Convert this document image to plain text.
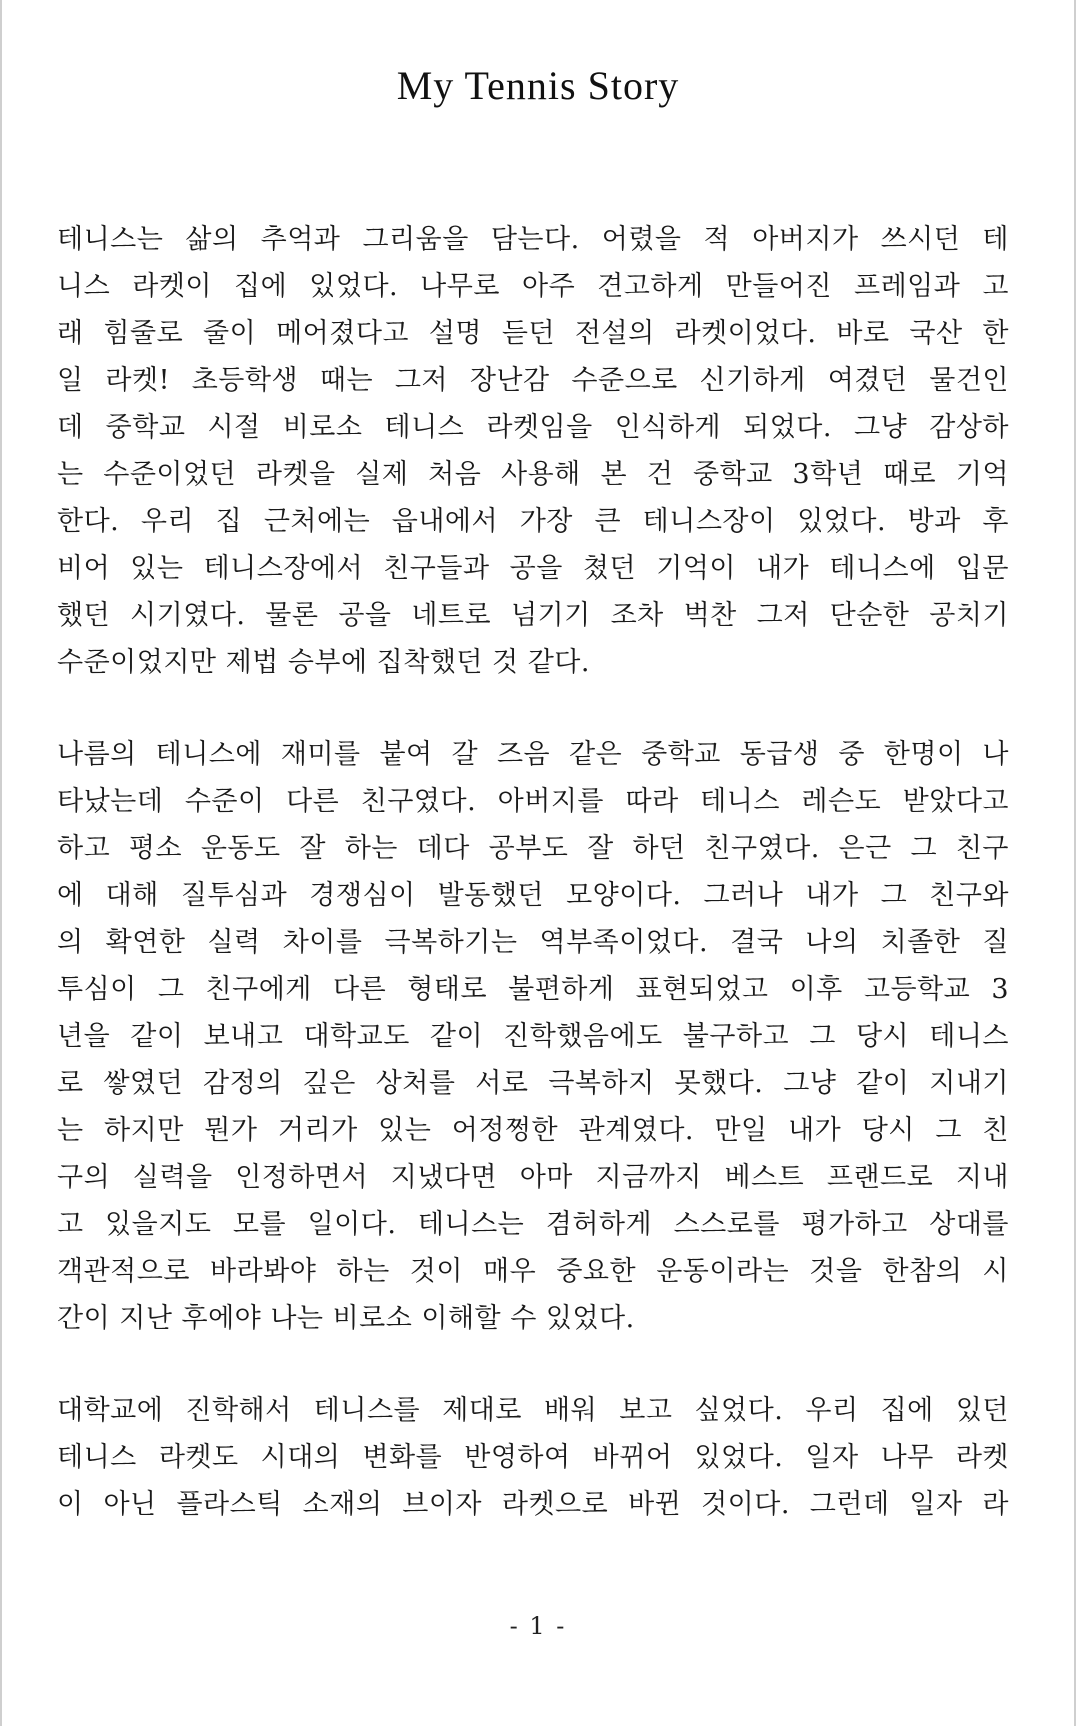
My Tennis Story
테니스는 삶의 추억과 그리움을 담는다. 어렸을 적 아버지가 쓰시던 테
니스 라켓이 집에 있었다. 나무로 아주 견고하게 만들어진 프레임과 고
래 힘줄로 줄이 메어졌다고 설명 듣던 전설의 라켓이었다. 바로 국산 한
일 라켓! 초등학생 때는 그저 장난감 수준으로 신기하게 여겼던 물건인
데 중학교 시절 비로소 테니스 라켓임을 인식하게 되었다. 그냥 감상하
는 수준이었던 라켓을 실제 처음 사용해 본 건 중학교 3학년 때로 기억
한다. 우리 집 근처에는 읍내에서 가장 큰 테니스장이 있었다. 방과 후
비어 있는 테니스장에서 친구들과 공을 쳤던 기억이 내가 테니스에 입문
했던 시기였다. 물론 공을 네트로 넘기기 조차 벅찬 그저 단순한 공치기
수준이었지만 제법 승부에 집착했던 것 같다.
나름의 테니스에 재미를 붙여 갈 즈음 같은 중학교 동급생 중 한명이 나
타났는데 수준이 다른 친구였다. 아버지를 따라 테니스 레슨도 받았다고
하고 평소 운동도 잘 하는 데다 공부도 잘 하던 친구였다. 은근 그 친구
에 대해 질투심과 경쟁심이 발동했던 모양이다. 그러나 내가 그 친구와
의 확연한 실력 차이를 극복하기는 역부족이었다. 결국 나의 치졸한 질
투심이 그 친구에게 다른 형태로 불편하게 표현되었고 이후 고등학교 3
년을 같이 보내고 대학교도 같이 진학했음에도 불구하고 그 당시 테니스
로 쌓였던 감정의 깊은 상처를 서로 극복하지 못했다. 그냥 같이 지내기
는 하지만 뭔가 거리가 있는 어정쩡한 관계였다. 만일 내가 당시 그 친
구의 실력을 인정하면서 지냈다면 아마 지금까지 베스트 프랜드로 지내
고 있을지도 모를 일이다. 테니스는 겸허하게 스스로를 평가하고 상대를
객관적으로 바라봐야 하는 것이 매우 중요한 운동이라는 것을 한참의 시
간이 지난 후에야 나는 비로소 이해할 수 있었다.
대학교에 진학해서 테니스를 제대로 배워 보고 싶었다. 우리 집에 있던
테니스 라켓도 시대의 변화를 반영하여 바뀌어 있었다. 일자 나무 라켓
이 아닌 플라스틱 소재의 브이자 라켓으로 바뀐 것이다. 그런데 일자 라
- 1 -
